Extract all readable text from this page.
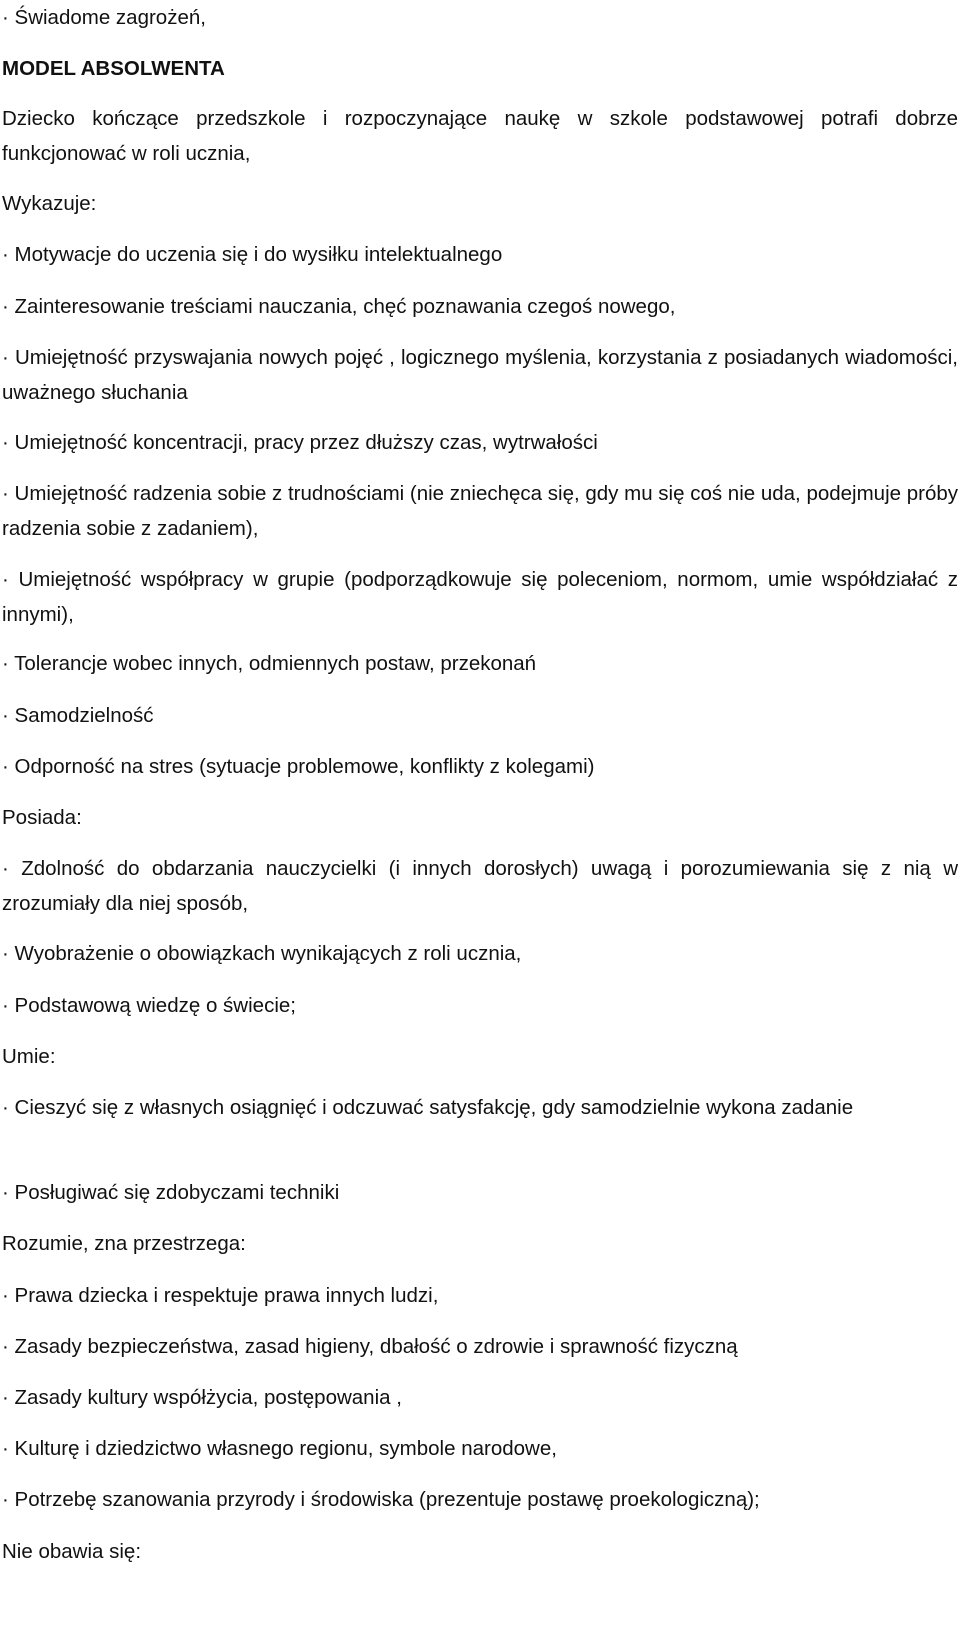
· Świadome zagrożeń,
MODEL ABSOLWENTA
Dziecko kończące przedszkole i rozpoczynające naukę w szkole podstawowej potrafi dobrze funkcjonować w roli ucznia,
Wykazuje:
· Motywacje do uczenia się i do wysiłku intelektualnego
· Zainteresowanie treściami nauczania, chęć poznawania czegoś nowego,
· Umiejętność przyswajania nowych pojęć , logicznego myślenia, korzystania z posiadanych wiadomości, uważnego słuchania
· Umiejętność koncentracji, pracy przez dłuższy czas, wytrwałości
· Umiejętność radzenia sobie z trudnościami (nie zniechęca się, gdy mu się coś nie uda, podejmuje próby radzenia sobie z zadaniem),
· Umiejętność współpracy w grupie (podporządkowuje się poleceniom, normom, umie współdziałać z innymi),
· Tolerancje wobec innych, odmiennych postaw, przekonań
· Samodzielność
· Odporność na stres (sytuacje problemowe, konflikty z kolegami)
Posiada:
· Zdolność do obdarzania nauczycielki (i innych dorosłych) uwagą i porozumiewania się z nią w zrozumiały dla niej sposób,
· Wyobrażenie o obowiązkach wynikających z roli ucznia,
· Podstawową wiedzę o świecie;
Umie:
· Cieszyć się z własnych osiągnięć i odczuwać satysfakcję, gdy samodzielnie wykona zadanie
· Posługiwać się zdobyczami techniki
Rozumie, zna przestrzega:
· Prawa dziecka i respektuje prawa innych ludzi,
· Zasady bezpieczeństwa, zasad higieny, dbałość o zdrowie i sprawność fizyczną
· Zasady kultury współżycia, postępowania ,
· Kulturę i dziedzictwo własnego regionu, symbole narodowe,
· Potrzebę szanowania przyrody i środowiska (prezentuje postawę proekologiczną);
Nie obawia się:
